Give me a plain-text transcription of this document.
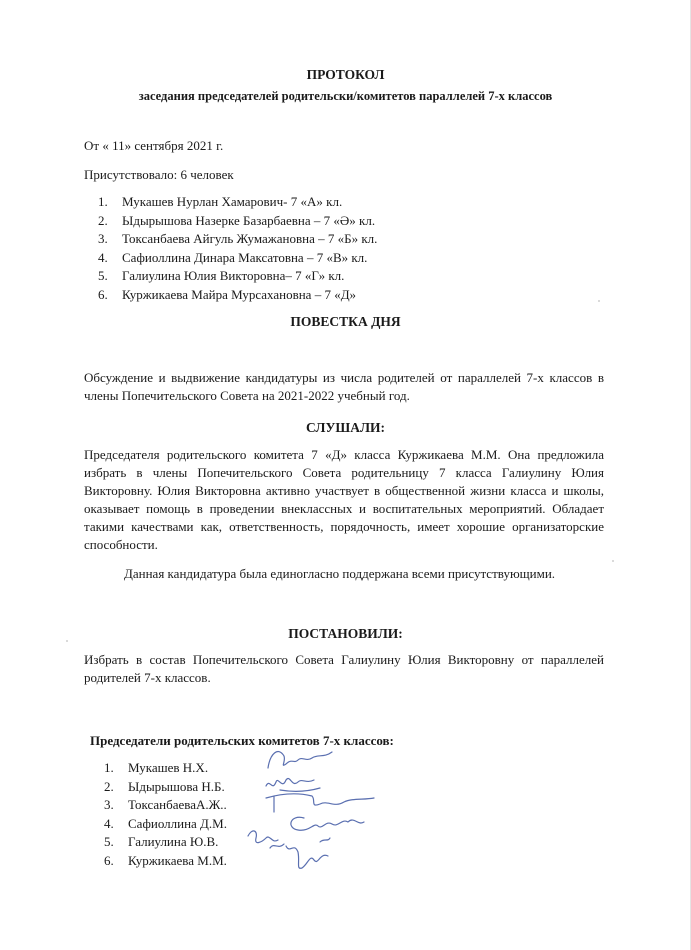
ПРОТОКОЛ
заседания председателей родительски/комитетов параллелей 7-х классов
От « 11» сентября 2021 г.
Присутствовало: 6 человек
1. Мукашев Нурлан Хамарович- 7 «А» кл.
2. Ыдырышова Назерке Базарбаевна – 7 «Ә» кл.
3. Токсанбаева Айгуль Жумажановна – 7 «Б» кл.
4. Сафиоллина Динара Максатовна – 7 «В» кл.
5. Галиулина Юлия Викторовна– 7 «Г» кл.
6. Куржикаева Майра Мурсахановна – 7 «Д»
ПОВЕСТКА ДНЯ

Обсуждение и выдвижение кандидатуры из числа родителей от параллелей 7-х классов в члены Попечительского Совета на 2021-2022 учебный год.

СЛУШАЛИ:

Председателя родительского комитета 7 «Д» класса Куржикаева М.М. Она предложила избрать в члены Попечительского Совета родительницу 7 класса Галиулину Юлия Викторовну. Юлия Викторовна активно участвует в общественной жизни класса и школы, оказывает помощь в проведении внеклассных и воспитательных мероприятий. Обладает такими качествами как, ответственность, порядочность, имеет хорошие организаторские способности.

Данная кандидатура была единогласно поддержана всеми присутствующими.
ПОСТАНОВИЛИ:

Избрать в состав Попечительского Совета Галиулину Юлия Викторовну от параллелей родителей 7-х классов.

Председатели родительских комитетов 7-х классов:
1. Мукашев Н.Х.
2. Ыдырышова Н.Б.
3. ТоксанбаеваА.Ж..
4. Сафиоллина Д.М.
5. Галиулина Ю.В.
6. Куржикаева М.М.
